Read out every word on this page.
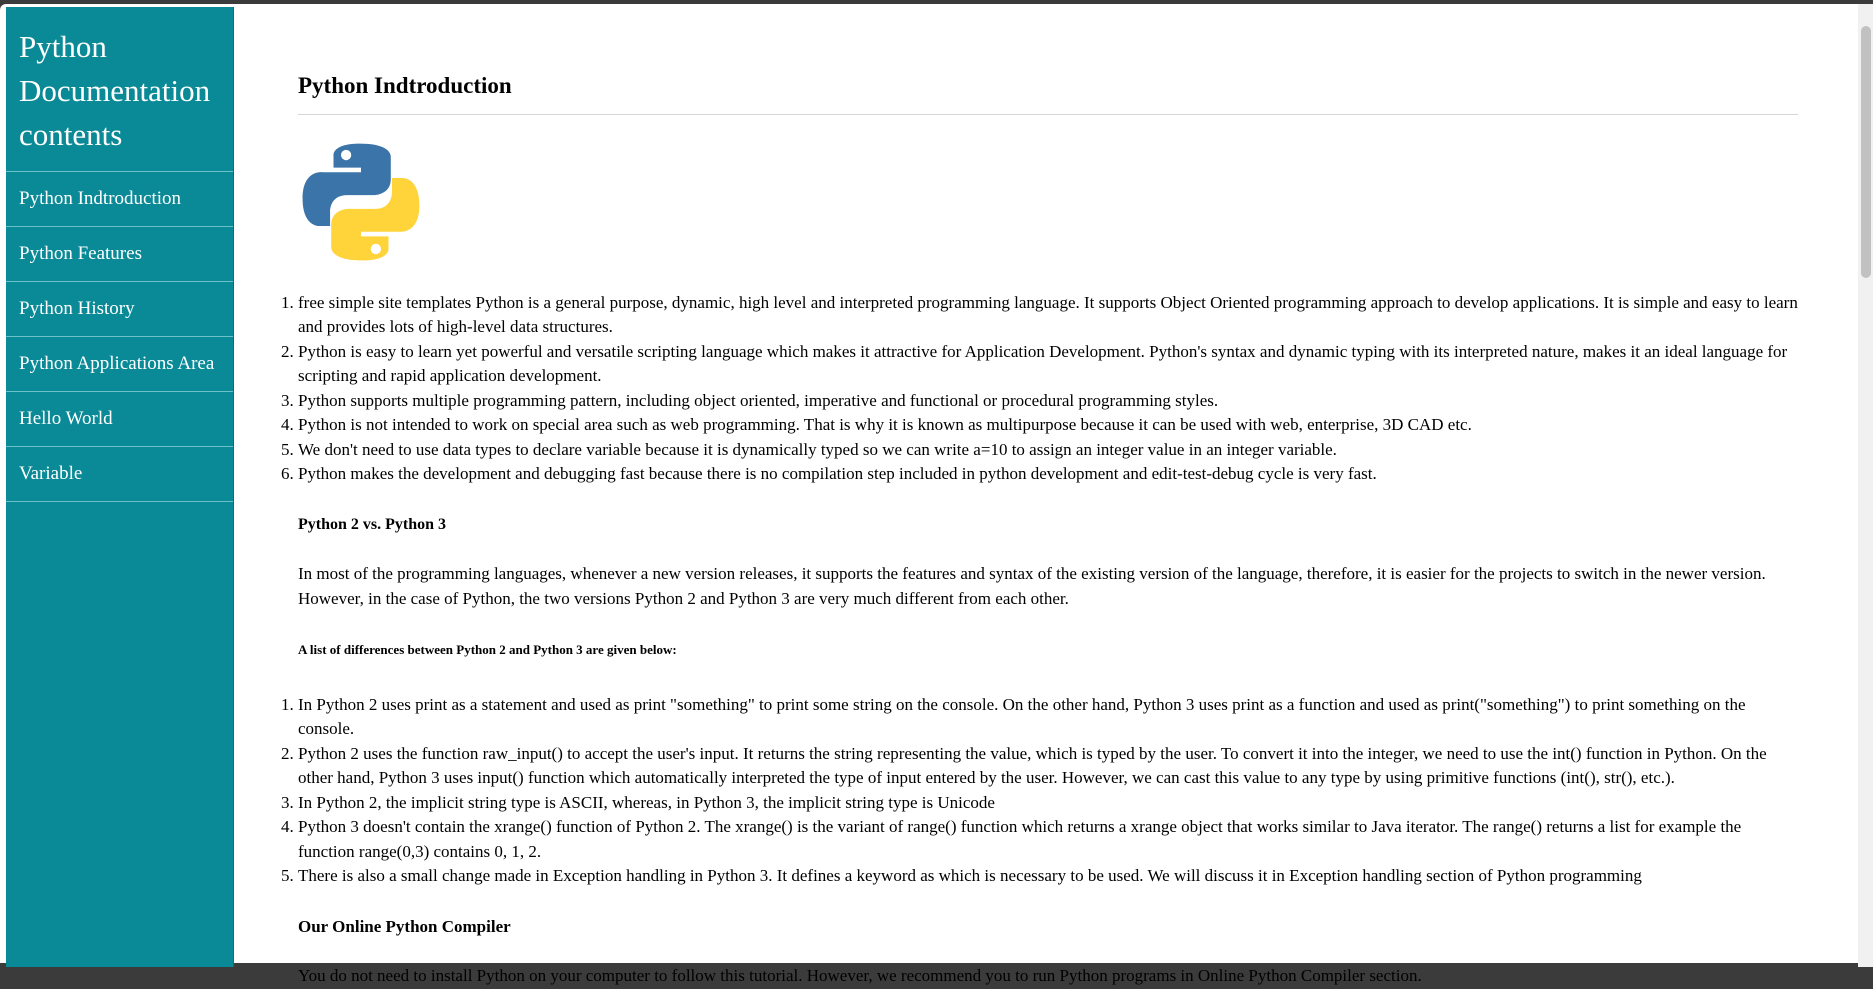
Python Documentation contents
Python Indtroduction
Python Features
Python History
Python Applications Area
Hello World
Variable
Python Indtroduction
1. free simple site templates Python is a general purpose, dynamic, high level and interpreted programming language. It supports Object Oriented programming approach to develop applications. It is simple and easy to learn and provides lots of high-level data structures.
2. Python is easy to learn yet powerful and versatile scripting language which makes it attractive for Application Development. Python's syntax and dynamic typing with its interpreted nature, makes it an ideal language for scripting and rapid application development.
3. Python supports multiple programming pattern, including object oriented, imperative and functional or procedural programming styles.
4. Python is not intended to work on special area such as web programming. That is why it is known as multipurpose because it can be used with web, enterprise, 3D CAD etc.
5. We don't need to use data types to declare variable because it is dynamically typed so we can write a=10 to assign an integer value in an integer variable.
6. Python makes the development and debugging fast because there is no compilation step included in python development and edit-test-debug cycle is very fast.
Python 2 vs. Python 3

In most of the programming languages, whenever a new version releases, it supports the features and syntax of the existing version of the language, therefore, it is easier for the projects to switch in the newer version. However, in the case of Python, the two versions Python 2 and Python 3 are very much different from each other.

A list of differences between Python 2 and Python 3 are given below:
1. In Python 2 uses print as a statement and used as print "something" to print some string on the console. On the other hand, Python 3 uses print as a function and used as print("something") to print something on the console.
2. Python 2 uses the function raw_input() to accept the user's input. It returns the string representing the value, which is typed by the user. To convert it into the integer, we need to use the int() function in Python. On the other hand, Python 3 uses input() function which automatically interpreted the type of input entered by the user. However, we can cast this value to any type by using primitive functions (int(), str(), etc.).
3. In Python 2, the implicit string type is ASCII, whereas, in Python 3, the implicit string type is Unicode
4. Python 3 doesn't contain the xrange() function of Python 2. The xrange() is the variant of range() function which returns a xrange object that works similar to Java iterator. The range() returns a list for example the function range(0,3) contains 0, 1, 2.
5. There is also a small change made in Exception handling in Python 3. It defines a keyword as which is necessary to be used. We will discuss it in Exception handling section of Python programming
Our Online Python Compiler

You do not need to install Python on your computer to follow this tutorial. However, we recommend you to run Python programs in Online Python Compiler section.
